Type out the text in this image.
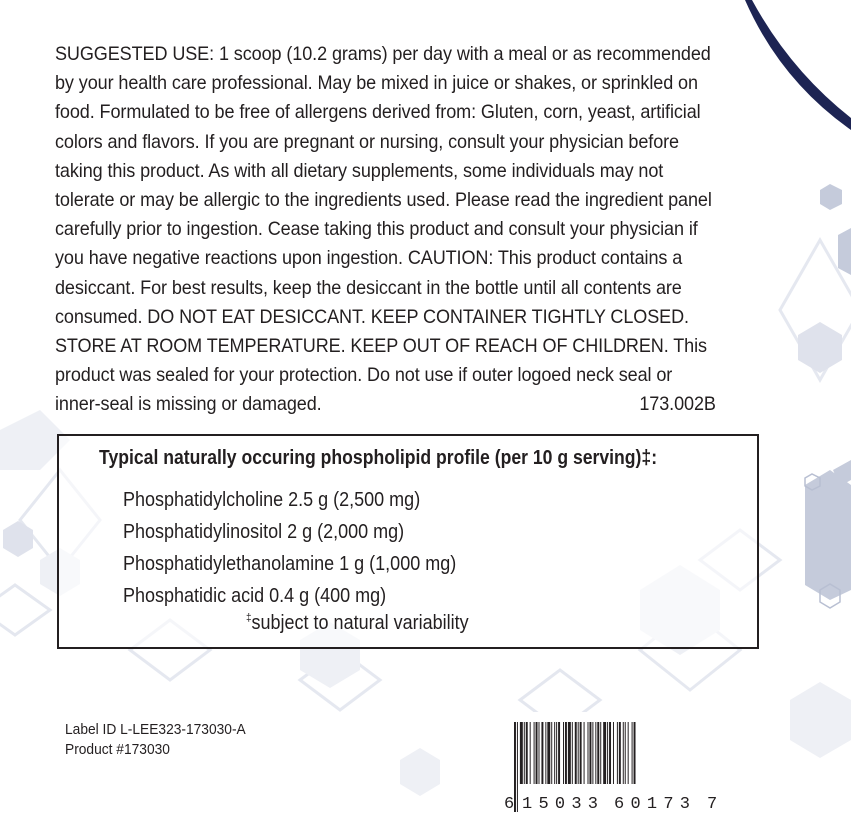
SUGGESTED USE: 1 scoop (10.2 grams) per day with a meal or as recommended
by your health care professional. May be mixed in juice or shakes, or sprinkled on
food. Formulated to be free of allergens derived from: Gluten, corn, yeast, artificial
colors and flavors. If you are pregnant or nursing, consult your physician before
taking this product. As with all dietary supplements, some individuals may not
tolerate or may be allergic to the ingredients used. Please read the ingredient panel
carefully prior to ingestion. Cease taking this product and consult your physician if
you have negative reactions upon ingestion. CAUTION: This product contains a
desiccant. For best results, keep the desiccant in the bottle until all contents are
consumed. DO NOT EAT DESICCANT. KEEP CONTAINER TIGHTLY CLOSED.
STORE AT ROOM TEMPERATURE. KEEP OUT OF REACH OF CHILDREN. This
product was sealed for your protection. Do not use if outer logoed neck seal or
inner-seal is missing or damaged.	173.002B
Typical naturally occuring phospholipid profile (per 10 g serving)‡:
Phosphatidylcholine 2.5 g (2,500 mg)
Phosphatidylinositol 2 g (2,000 mg)
Phosphatidylethanolamine 1 g (1,000 mg)
Phosphatidic acid 0.4 g (400 mg)
‡subject to natural variability
Label ID L-LEE323-173030-A
Product #173030
6 15033 60173 7
